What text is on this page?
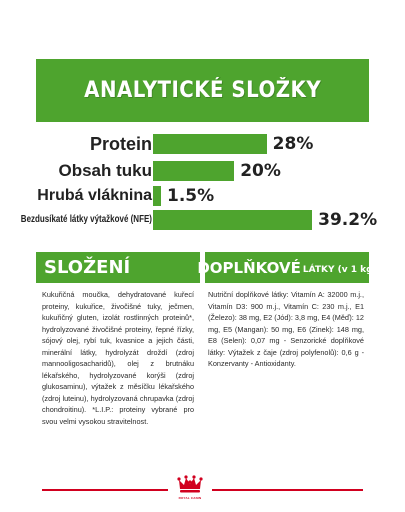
ANALYTICKÉ SLOŽKY
Protein	28%
Obsah tuku	20%
Hrubá vláknina 1.5%
Bezdusíkaté látky výtažkové (NFE)	39.2%
SLOŽENÍ	DOPLŇKOVÉ LÁTKY (v 1 kg)
Kukuřičná moučka, dehydratované kuřecí proteiny, kukuřice, živočišné tuky, ječmen, kukuřičný gluten, izolát rostlinných proteinů*, hydrolyzované živočišné proteiny, řepné řízky, sójový olej, rybí tuk, kvasnice a jejich části, minerální látky, hydrolyzát droždí (zdroj mannooligosacharidů), olej z brutnáku lékařského, hydrolyzované korýši (zdroj glukosaminu), výtažek z měsíčku lékařského (zdroj luteinu), hydrolyzovaná chrupavka (zdroj chondroitinu). *L.I.P.: proteiny vybrané pro svou velmi vysokou stravitelnost.
Nutriční doplňkové látky: Vitamín A: 32000 m.j., Vitamín D3: 900 m.j., Vitamín C: 230 m.j., E1 (Železo): 38 mg, E2 (Jód): 3,8 mg, E4 (Měď): 12 mg, E5 (Mangan): 50 mg, E6 (Zinek): 148 mg, E8 (Selen): 0,07 mg - Senzorické doplňkové látky: Výtažek z čaje (zdroj polyfenolů): 0,6 g - Konzervanty - Antioxidanty.
ROYAL CANIN
